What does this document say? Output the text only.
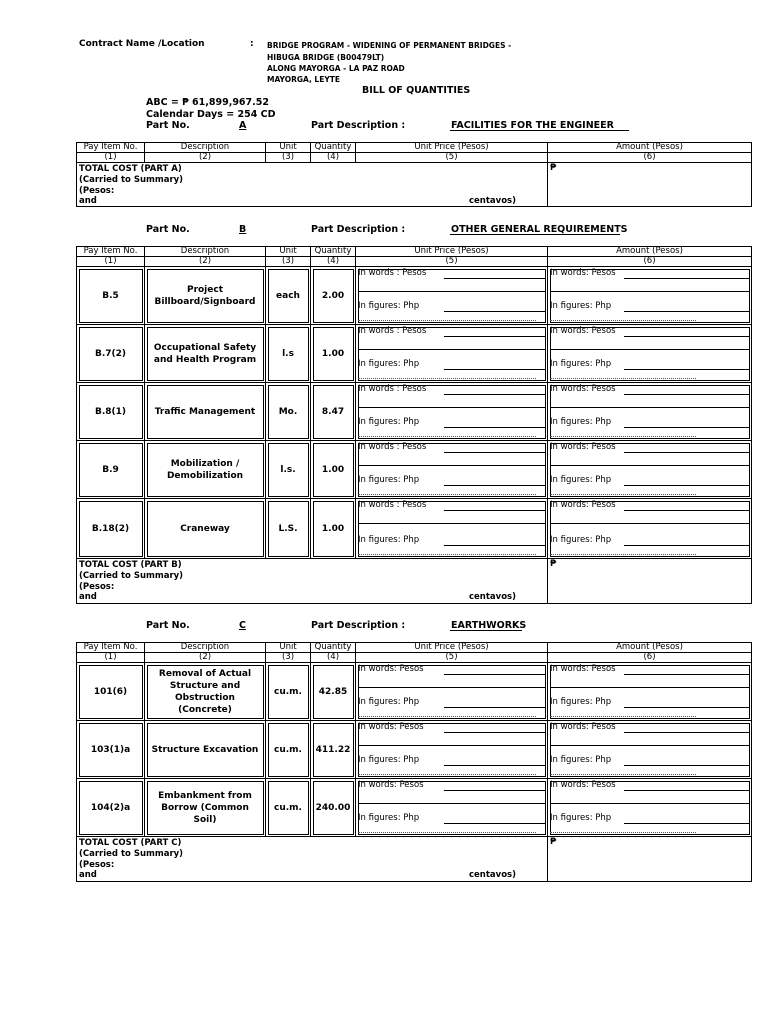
Contract Name /Location	: BRIDGE PROGRAM - WIDENING OF PERMANENT BRIDGES -
HIBUGA BRIDGE (B00479LT)
ALONG MAYORGA - LA PAZ ROAD
MAYORGA, LEYTE
BILL OF QUANTITIES
ABC = ₱ 61,899,967.52
Calendar Days = 254 CD
Part No.	A	Part Description :	FACILITIES FOR THE ENGINEER
Pay Item No.	Description	Unit	Quantity	Unit Price (Pesos)	Amount (Pesos)
(1)	(2)	(3)	(4)	(5)	(6)

TOTAL COST (PART A)
(Carried to Summary)
(Pesos:
and centavos)					₱
Part No.	B	Part Description :	OTHER GENERAL REQUIREMENTS
Pay Item No.	Description	Unit	Quantity	Unit Price (Pesos)	Amount (Pesos)
(1)	(2)	(3)	(4)	(5)	(6)
B.5	Project Billboard/Signboard	each	2.00	In words : Pesos
In figures: Php	In words: Pesos
In figures: Php

B.7(2)	Occupational Safety and Health Program	l.s	1.00	In words : Pesos
In figures: Php	In words: Pesos
In figures: Php

B.8(1)	Traffic Management	Mo.	8.47	In words : Pesos
In figures: Php	In words: Pesos
In figures: Php

B.9	Mobilization / Demobilization	l.s.	1.00	In words : Pesos
In figures: Php	In words: Pesos
In figures: Php

B.18(2)	Craneway	L.S.	1.00	In words : Pesos
In figures: Php	In words: Pesos
In figures: Php

TOTAL COST (PART B)
(Carried to Summary)
(Pesos:
and centavos)					₱
Part No.	C	Part Description :	EARTHWORKS
Pay Item No.	Description	Unit	Quantity	Unit Price (Pesos)	Amount (Pesos)
(1)	(2)	(3)	(4)	(5)	(6)
101(6)	Removal of Actual Structure and Obstruction (Concrete)	cu.m.	42.85	In words: Pesos
In figures: Php	In words: Pesos
In figures: Php

103(1)a	Structure Excavation	cu.m.	411.22	In words: Pesos
In figures: Php	In words: Pesos
In figures: Php

104(2)a	Embankment from Borrow (Common Soil)	cu.m.	240.00	In words: Pesos
In figures: Php	In words: Pesos
In figures: Php

TOTAL COST (PART C)
(Carried to Summary)
(Pesos:
and centavos)					₱
